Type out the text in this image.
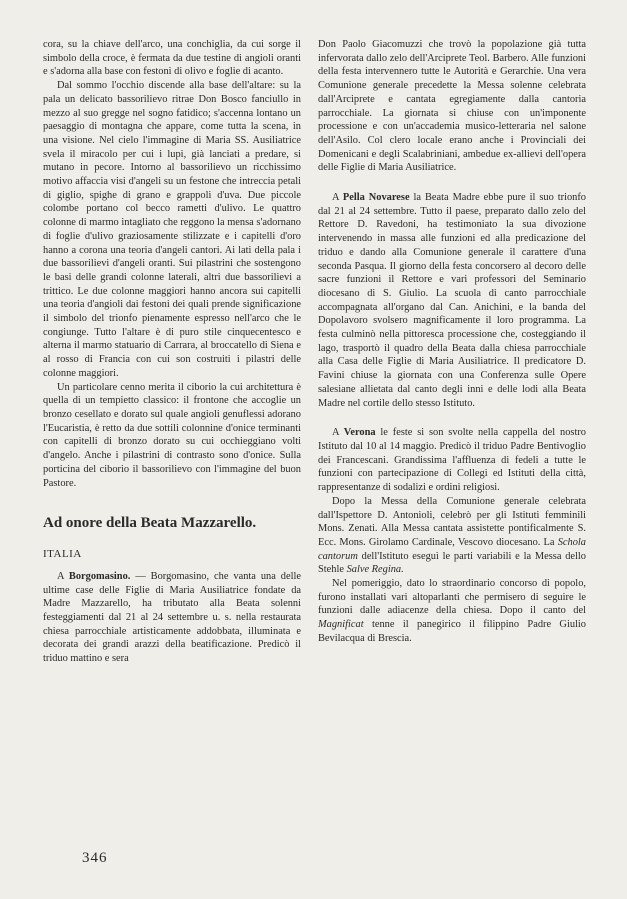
cora, su la chiave dell'arco, una conchiglia, da cui sorge il simbolo della croce, è fermata da due testine di angioli oranti e s'adorna alla base con festoni di olivo e foglie di acanto.

Dal sommo l'occhio discende alla base dell'altare: su la pala un delicato bassorilievo ritrae Don Bosco fanciullo in mezzo al suo gregge nel sogno fatidico; s'accenna lontano un paesaggio di montagna che appare, come tutta la scena, in una visione. Nel cielo l'immagine di Maria SS. Ausiliatrice svela il miracolo per cui i lupi, già lanciati a predare, si mutano in pecore. Intorno al bassorilievo un ricchissimo motivo affaccia visi d'angeli su un festone che intreccia petali di giglio, spighe di grano e grappoli d'uva. Due piccole colombe portano col becco rametti d'ulivo. Le quattro colonne di marmo intagliato che reggono la mensa s'adornano di foglie d'ulivo graziosamente stilizzate e i capitelli d'oro hanno a corona una teoria d'angeli cantori. Ai lati della pala i due bassorilievi d'angeli oranti. Sui pilastrini che sostengono le basi delle grandi colonne laterali, altri due bassorilievi a trittico. Le due colonne maggiori hanno ancora sui capitelli una teoria d'angioli dai festoni dei quali prende significazione il simbolo del trionfo pienamente espresso nell'arco che le congiunge. Tutto l'altare è di puro stile cinquecentesco e alterna il marmo statuario di Carrara, al broccatello di Siena e al rosso di Francia con cui son costruiti i pilastri delle colonne maggiori.

Un particolare cenno merita il ciborio la cui architettura è quella di un tempietto classico: il frontone che accoglie un bronzo cesellato e dorato sul quale angioli genuflessi adorano l'Eucaristia, è retto da due sottili colonnine d'onice terminanti con capitelli di bronzo dorato su cui occhieggiano volti d'angelo. Anche i pilastrini di contrasto sono d'onice. Sulla porticina del ciborio il bassorilievo con l'immagine del buon Pastore.

Ad onore della Beata Mazzarello.
ITALIA

A Borgomasino. — Borgomasino, che vanta una delle ultime case delle Figlie di Maria Ausiliatrice fondate da Madre Mazzarello, ha tributato alla Beata solenni festeggiamenti dal 21 al 24 settembre u. s. nella restaurata chiesa parrocchiale artisticamente addobbata, illuminata e decorata dei grandi arazzi della beatificazione. Predicò il triduo mattino e sera

Don Paolo Giacomuzzi che trovò la popolazione già tutta infervorata dallo zelo dell'Arciprete Teol. Barbero. Alle funzioni della festa intervennero tutte le Autorità e Gerarchie. Una vera Comunione generale precedette la Messa solenne celebrata dall'Arciprete e cantata egregiamente dalla cantoria parrocchiale. La giornata si chiuse con un'imponente processione e con un'accademia musico-letteraria nel salone dell'Asilo. Col clero locale erano anche i Provinciali dei Domenicani e degli Scalabriniani, ambedue ex-allievi dell'opera delle Figlie di Maria Ausiliatrice.

A Pella Novarese la Beata Madre ebbe pure il suo trionfo dal 21 al 24 settembre. Tutto il paese, preparato dallo zelo del Rettore D. Ravedoni, ha testimoniato la sua divozione intervenendo in massa alle funzioni ed alla predicazione del triduo e dando alla Comunione generale il carattere d'una seconda Pasqua. Il giorno della festa concorsero al decoro delle sacre funzioni il Rettore e vari professori del Seminario diocesano di S. Giulio. La scuola di canto parrocchiale accompagnata all'organo dal Can. Anichini, e la banda del Dopolavoro svolsero magnificamente il loro programma. La festa culminò nella pittoresca processione che, costeggiando il lago, trasportò il quadro della Beata dalla chiesa parrocchiale alla Casa delle Figlie di Maria Ausiliatrice. Il predicatore D. Favini chiuse la giornata con una Conferenza sulle Opere salesiane allietata dal canto degli inni e delle lodi alla Beata Madre nel cortile dello stesso Istituto.

A Verona le feste si son svolte nella cappella del nostro Istituto dal 10 al 14 maggio. Predicò il triduo Padre Bentivoglio dei Francescani. Grandissima l'affluenza di fedeli a tutte le funzioni con partecipazione di Collegi ed Istituti della città, rappresentanze di sodalizi e ordini religiosi.

Dopo la Messa della Comunione generale celebrata dall'Ispettore D. Antonioli, celebrò per gli Istituti femminili Mons. Zenati. Alla Messa cantata assistette pontificalmente S. Ecc. Mons. Girolamo Cardinale, Vescovo diocesano. La Schola cantorum dell'Istituto eseguì le parti variabili e la Messa dello Stehle Salve Regina.

Nel pomeriggio, dato lo straordinario concorso di popolo, furono installati vari altoparlanti che permisero di seguire le funzioni dalle adiacenze della chiesa. Dopo il canto del Magnificat tenne il panegirico il filippino Padre Giulio Bevilacqua di Brescia.

346
